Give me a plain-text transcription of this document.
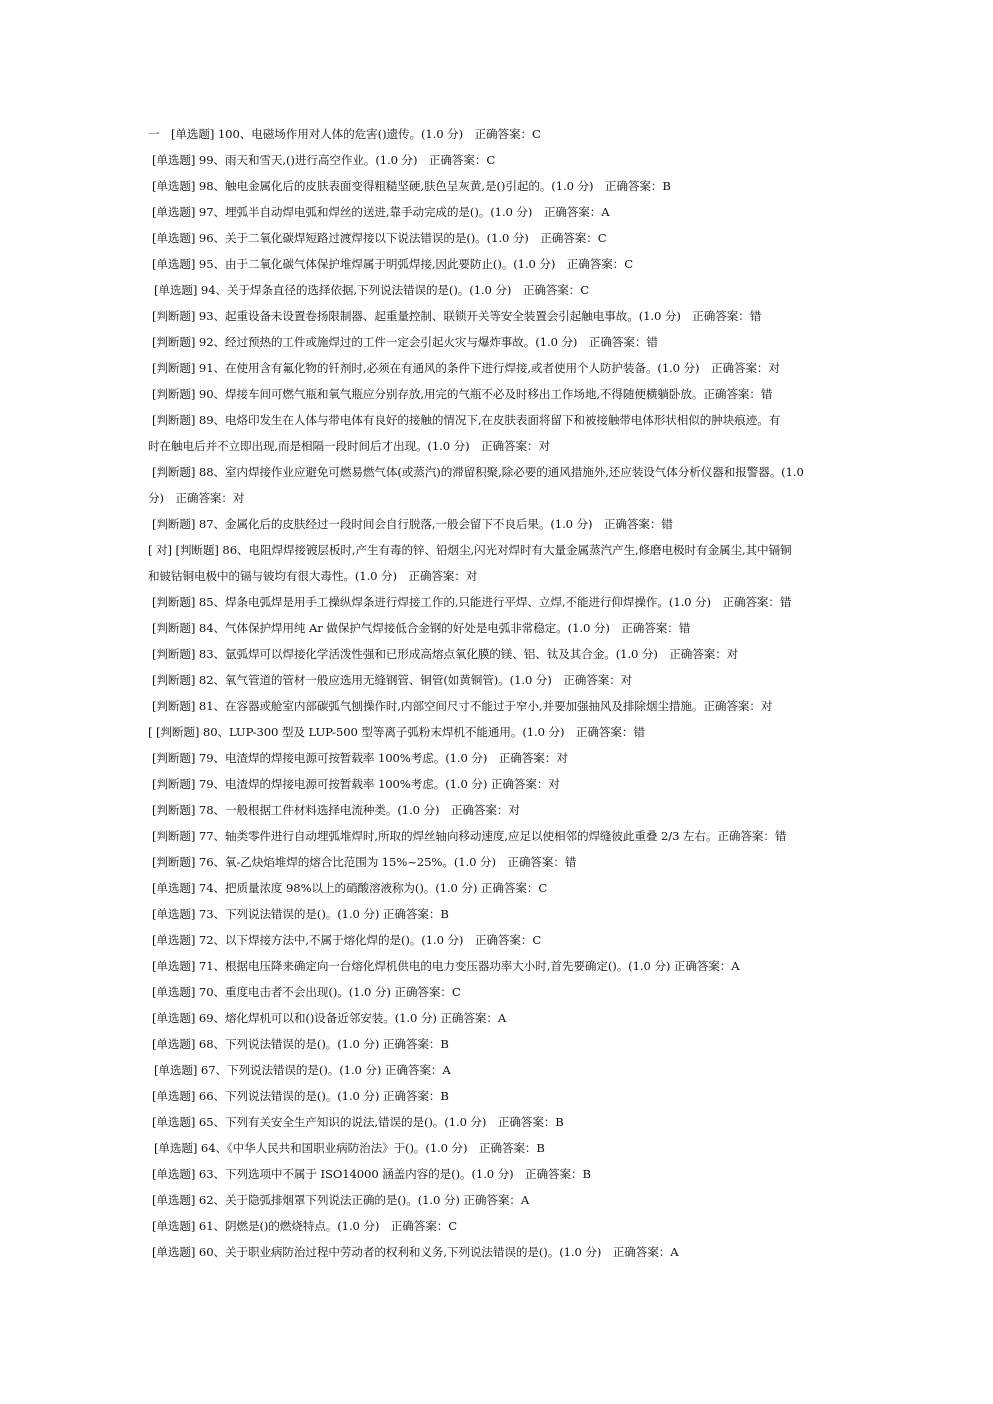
一　[单选题] 100、电磁场作用对人体的危害()遗传。(1.0 分)　正确答案：C
[单选题] 99、雨天和雪天,()进行高空作业。(1.0 分)　正确答案：C
[单选题] 98、触电金属化后的皮肤表面变得粗糙坚硬,肤色呈灰黄,是()引起的。(1.0 分)　正确答案：B
[单选题] 97、埋弧半自动焊电弧和焊丝的送进,靠手动完成的是()。(1.0 分)　正确答案：A
[单选题] 96、关于二氧化碳焊短路过渡焊接以下说法错误的是()。(1.0 分)　正确答案：C
[单选题] 95、由于二氧化碳气体保护堆焊属于明弧焊接,因此要防止()。(1.0 分)　正确答案：C
[单选题] 94、关于焊条直径的选择依据,下列说法错误的是()。(1.0 分)　正确答案：C
[判断题] 93、起重设备未设置卷扬限制器、起重量控制、联锁开关等安全装置会引起触电事故。(1.0 分)　正确答案：错
[判断题] 92、经过预热的工件或施焊过的工件一定会引起火灾与爆炸事故。(1.0 分)　正确答案：错
[判断题] 91、在使用含有氟化物的钎剂时,必须在有通风的条件下进行焊接,或者使用个人防护装备。(1.0 分)　正确答案：对
[判断题] 90、焊接车间可燃气瓶和氧气瓶应分别存放,用完的气瓶不必及时移出工作场地,不得随便横躺卧放。正确答案：错
[判断题] 89、电烙印发生在人体与带电体有良好的接触的情况下,在皮肤表面将留下和被接触带电体形状相似的肿块痕迹。有
时在触电后并不立即出现,而是相隔一段时间后才出现。(1.0 分)　正确答案：对
[判断题] 88、室内焊接作业应避免可燃易燃气体(或蒸汽)的滞留积聚,除必要的通风措施外,还应装设气体分析仪器和报警器。(1.0
分)　正确答案：对
[判断题] 87、金属化后的皮肤经过一段时间会自行脱落,一般会留下不良后果。(1.0 分)　正确答案：错
[ 对] [判断题] 86、电阻焊焊接镀层板时,产生有毒的锌、铅烟尘,闪光对焊时有大量金属蒸汽产生,修磨电极时有金属尘,其中镉铜
和铍钴铜电极中的镉与铍均有很大毒性。(1.0 分)　正确答案：对
[判断题] 85、焊条电弧焊是用手工操纵焊条进行焊接工作的,只能进行平焊、立焊,不能进行仰焊操作。(1.0 分)　正确答案：错
[判断题] 84、气体保护焊用纯 Ar 做保护气焊接低合金钢的好处是电弧非常稳定。(1.0 分)　正确答案：错
[判断题] 83、氩弧焊可以焊接化学活泼性强和已形成高熔点氧化膜的镁、铝、钛及其合金。(1.0 分)　正确答案：对
[判断题] 82、氧气管道的管材一般应选用无缝钢管、铜管(如黄铜管)。(1.0 分)　正确答案：对
[判断题] 81、在容器或舱室内部碳弧气刨操作时,内部空间尺寸不能过于窄小,并要加强抽风及排除烟尘措施。正确答案：对
[ [判断题] 80、LUP-300 型及 LUP-500 型等离子弧粉末焊机不能通用。(1.0 分)　正确答案：错
[判断题] 79、电渣焊的焊接电源可按暂载率 100%考虑。(1.0 分)　正确答案：对
[判断题] 79、电渣焊的焊接电源可按暂载率 100%考虑。(1.0 分) 正确答案：对
[判断题] 78、一般根据工件材料选择电流种类。(1.0 分)　正确答案：对
[判断题] 77、轴类零件进行自动埋弧堆焊时,所取的焊丝轴向移动速度,应足以使相邻的焊缝彼此重叠 2/3 左右。正确答案：错
[判断题] 76、氧-乙炔焰堆焊的熔合比范围为 15%~25%。(1.0 分)　正确答案：错
[单选题] 74、把质量浓度 98%以上的硝酸溶液称为()。(1.0 分) 正确答案：C
[单选题] 73、下列说法错误的是()。(1.0 分) 正确答案：B
[单选题] 72、以下焊接方法中,不属于熔化焊的是()。(1.0 分)　正确答案：C
[单选题] 71、根据电压降来确定向一台熔化焊机供电的电力变压器功率大小时,首先要确定()。(1.0 分) 正确答案：A
[单选题] 70、重度电击者不会出现()。(1.0 分) 正确答案：C
[单选题] 69、熔化焊机可以和()设备近邻安装。(1.0 分) 正确答案：A
[单选题] 68、下列说法错误的是()。(1.0 分) 正确答案：B
[单选题] 67、下列说法错误的是()。(1.0 分) 正确答案：A
[单选题] 66、下列说法错误的是()。(1.0 分) 正确答案：B
[单选题] 65、下列有关安全生产知识的说法,错误的是()。(1.0 分)　正确答案：B
[单选题] 64、《中华人民共和国职业病防治法》于()。(1.0 分)　正确答案：B
[单选题] 63、下列选项中不属于 ISO14000 涵盖内容的是()。(1.0 分)　正确答案：B
[单选题] 62、关于隐弧排烟罩下列说法正确的是()。(1.0 分) 正确答案：A
[单选题] 61、阴燃是()的燃烧特点。(1.0 分)　正确答案：C
[单选题] 60、关于职业病防治过程中劳动者的权利和义务,下列说法错误的是()。(1.0 分)　正确答案：A
